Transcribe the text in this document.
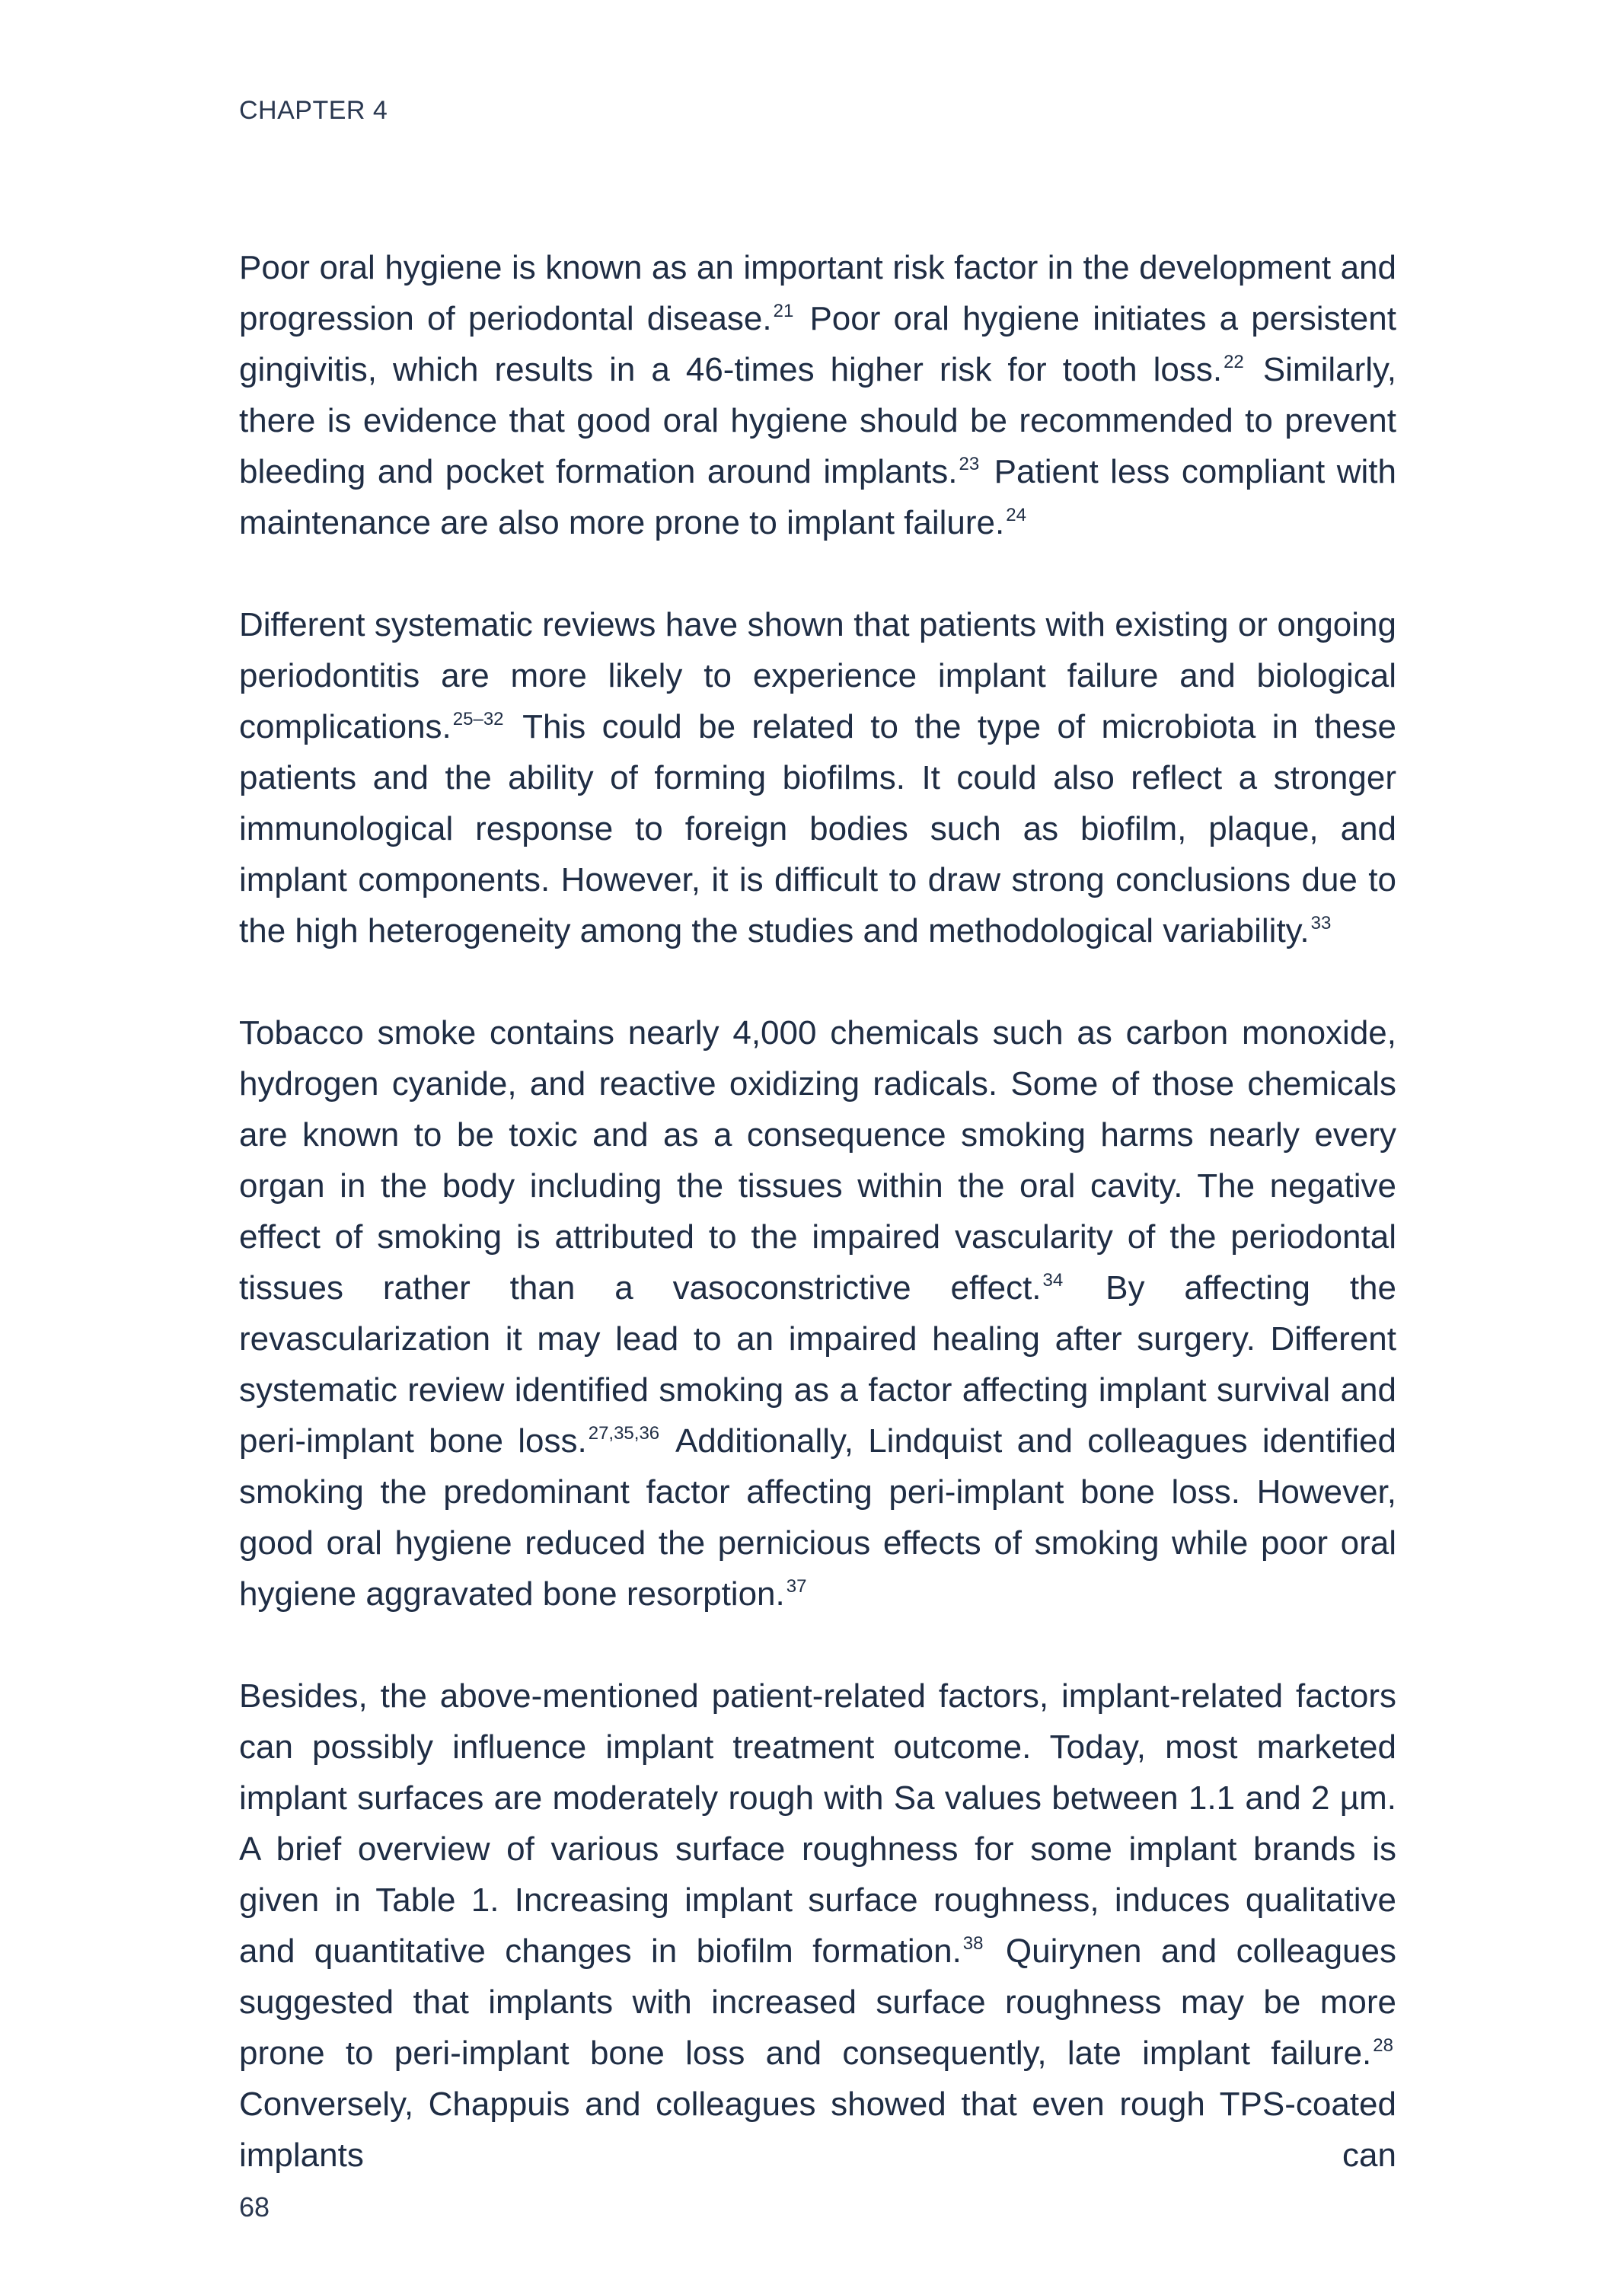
CHAPTER 4

Poor oral hygiene is known as an important risk factor in the development and progression of periodontal disease.$^{21}$ Poor oral hygiene initiates a persistent gingivitis, which results in a 46-times higher risk for tooth loss.$^{22}$ Similarly, there is evidence that good oral hygiene should be recommended to prevent bleeding and pocket formation around implants.$^{23}$ Patient less compliant with maintenance are also more prone to implant failure.$^{24}$

Different systematic reviews have shown that patients with existing or ongoing periodontitis are more likely to experience implant failure and biological complications.$^{25-32}$ This could be related to the type of microbiota in these patients and the ability of forming biofilms. It could also reflect a stronger immunological response to foreign bodies such as biofilm, plaque, and implant components. However, it is difficult to draw strong conclusions due to the high heterogeneity among the studies and methodological variability.$^{33}$

Tobacco smoke contains nearly 4,000 chemicals such as carbon monoxide, hydrogen cyanide, and reactive oxidizing radicals. Some of those chemicals are known to be toxic and as a consequence smoking harms nearly every organ in the body including the tissues within the oral cavity. The negative effect of smoking is attributed to the impaired vascularity of the periodontal tissues rather than a vasoconstrictive effect.$^{34}$ By affecting the revascularization it may lead to an impaired healing after surgery. Different systematic review identified smoking as a factor affecting implant survival and peri-implant bone loss.$^{27,35,36}$ Additionally, Lindquist and colleagues identified smoking the predominant factor affecting peri-implant bone loss. However, good oral hygiene reduced the pernicious effects of smoking while poor oral hygiene aggravated bone resorption.$^{37}$

Besides, the above-mentioned patient-related factors, implant-related factors can possibly influence implant treatment outcome. Today, most marketed implant surfaces are moderately rough with Sa values between 1.1 and 2 µm. A brief overview of various surface roughness for some implant brands is given in Table 1. Increasing implant surface roughness, induces qualitative and quantitative changes in biofilm formation.$^{38}$ Quirynen and colleagues suggested that implants with increased surface roughness may be more prone to peri-implant bone loss and consequently, late implant failure.$^{28}$ Conversely, Chappuis and colleagues showed that even rough TPS-coated implants can

68
